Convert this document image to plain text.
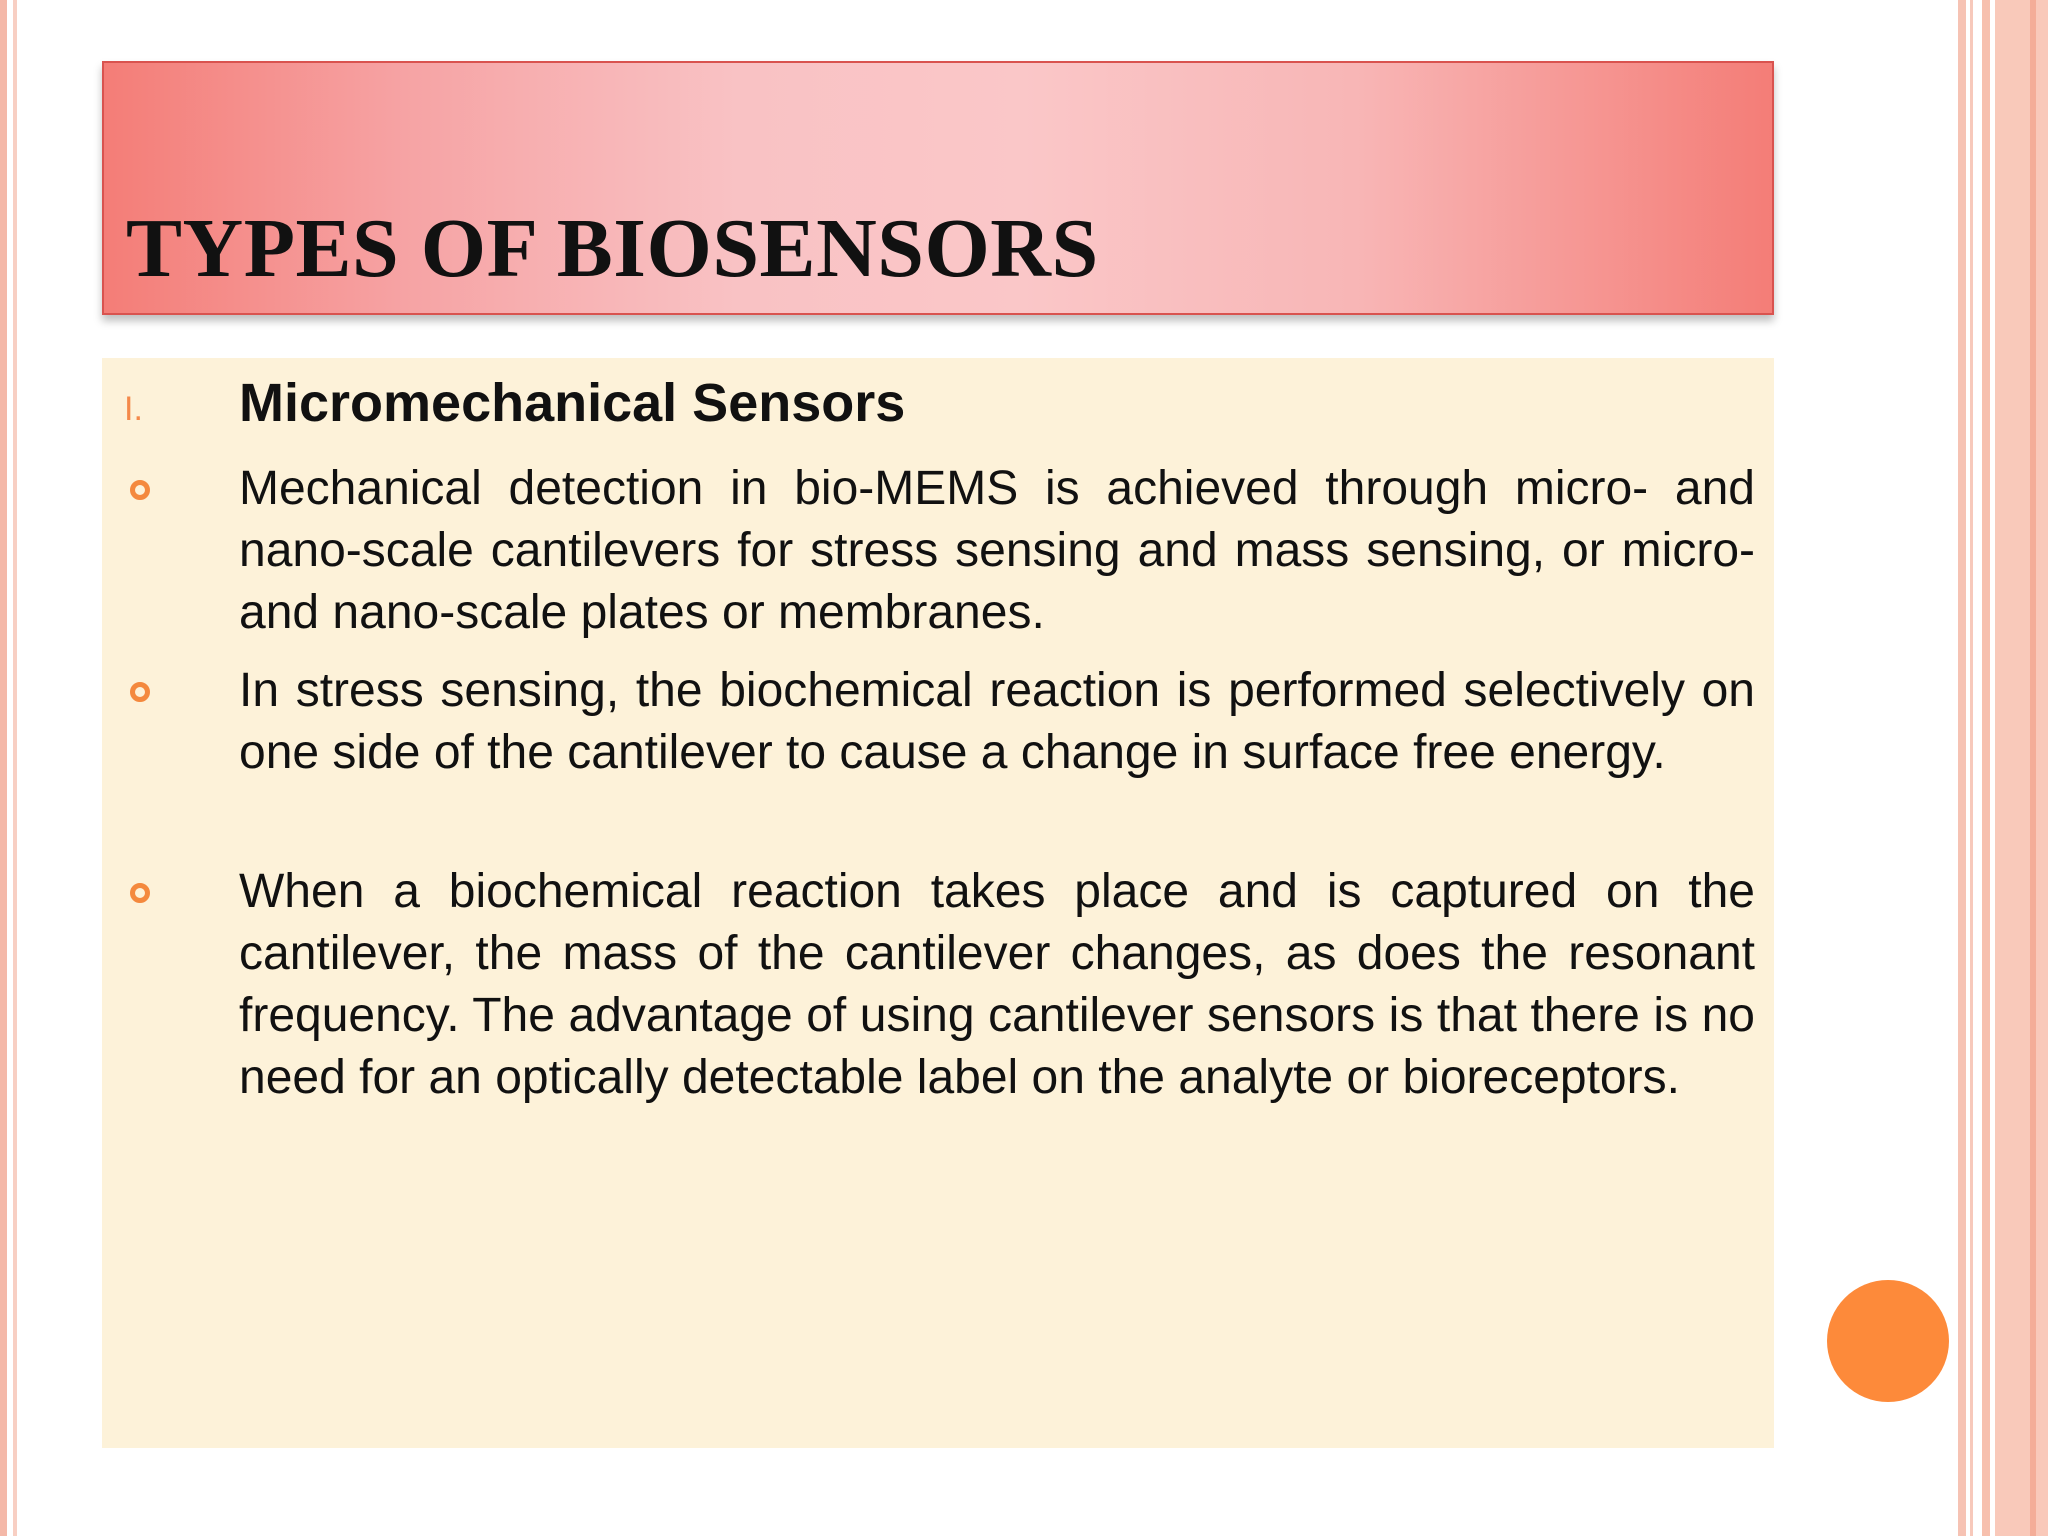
TYPES OF BIOSENSORS
I. Micromechanical Sensors

Mechanical detection in bio-MEMS is achieved through micro- and nano-scale cantilevers for stress sensing and mass sensing, or micro- and nano-scale plates or membranes.

In stress sensing, the biochemical reaction is performed selectively on one side of the cantilever to cause a change in surface free energy.

When a biochemical reaction takes place and is captured on the cantilever, the mass of the cantilever changes, as does the resonant frequency. The advantage of using cantilever sensors is that there is no need for an optically detectable label on the analyte or bioreceptors.
